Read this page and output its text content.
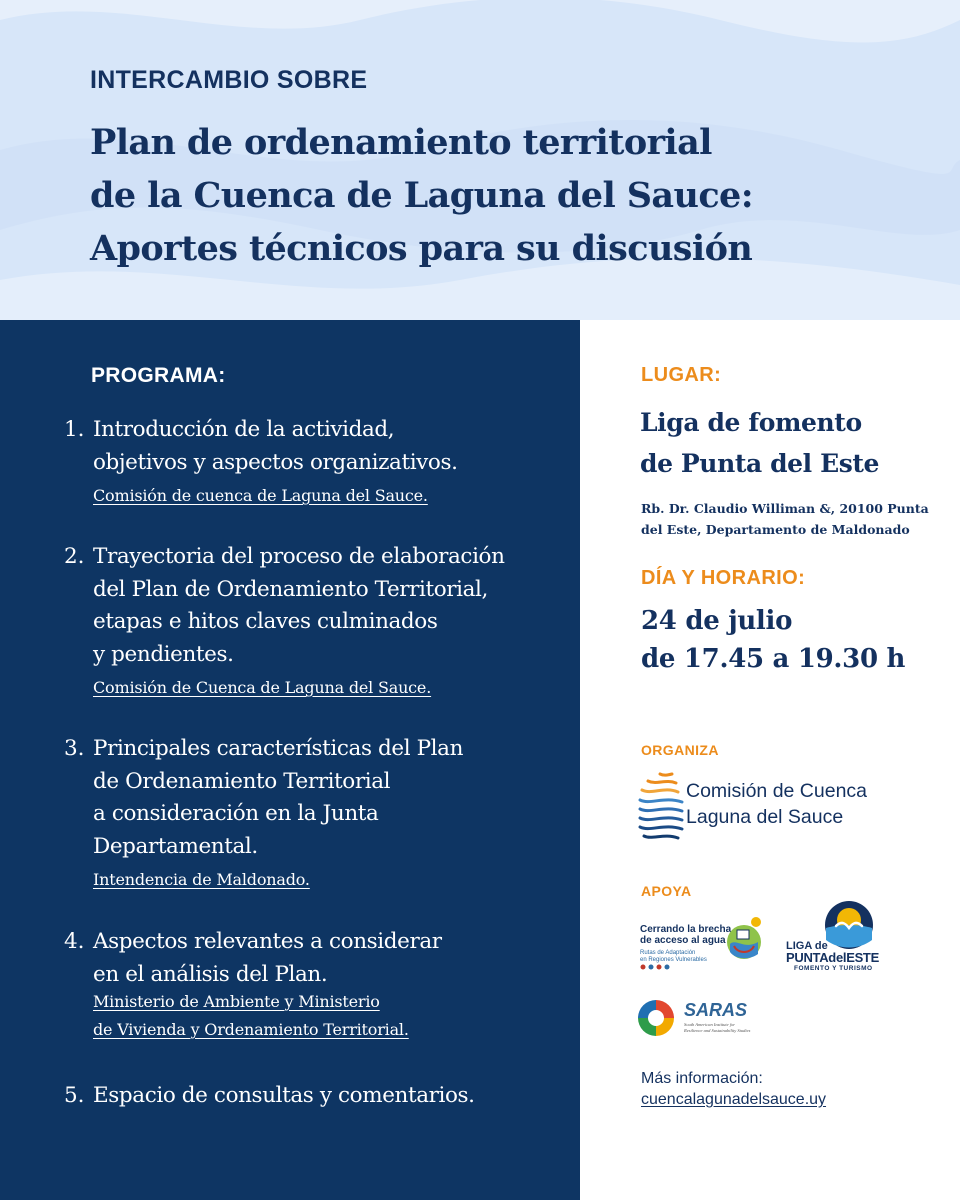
INTERCAMBIO SOBRE

Plan de ordenamiento territorial
de la Cuenca de Laguna del Sauce:
Aportes técnicos para su discusión

PROGRAMA:

1. Introducción de la actividad,
objetivos y aspectos organizativos.
Comisión de cuenca de Laguna del Sauce.
2. Trayectoria del proceso de elaboración
del Plan de Ordenamiento Territorial,
etapas e hitos claves culminados
y pendientes.
Comisión de Cuenca de Laguna del Sauce.
3. Principales características del Plan
de Ordenamiento Territorial
a consideración en la Junta
Departamental.
Intendencia de Maldonado.
4. Aspectos relevantes a considerar
en el análisis del Plan.
Ministerio de Ambiente y Ministerio
de Vivienda y Ordenamiento Territorial.
5. Espacio de consultas y comentarios.

LUGAR:

Liga de fomento
de Punta del Este

Rb. Dr. Claudio Williman &, 20100 Punta del Este, Departamento de Maldonado

DÍA Y HORARIO:

24 de julio
de 17.45 a 19.30 h

ORGANIZA

Comisión de Cuenca
Laguna del Sauce

APOYA

Cerrando la brecha
de acceso al agua
Rutas de Adaptación
en Regiones Vulnerables
LIGA de
PUNTAdelESTE
FOMENTO Y TURISMO
SARAS
South American Institute for
Resilience and Sustainability Studies

Más información:

cuencalagunadelsauce.uy
